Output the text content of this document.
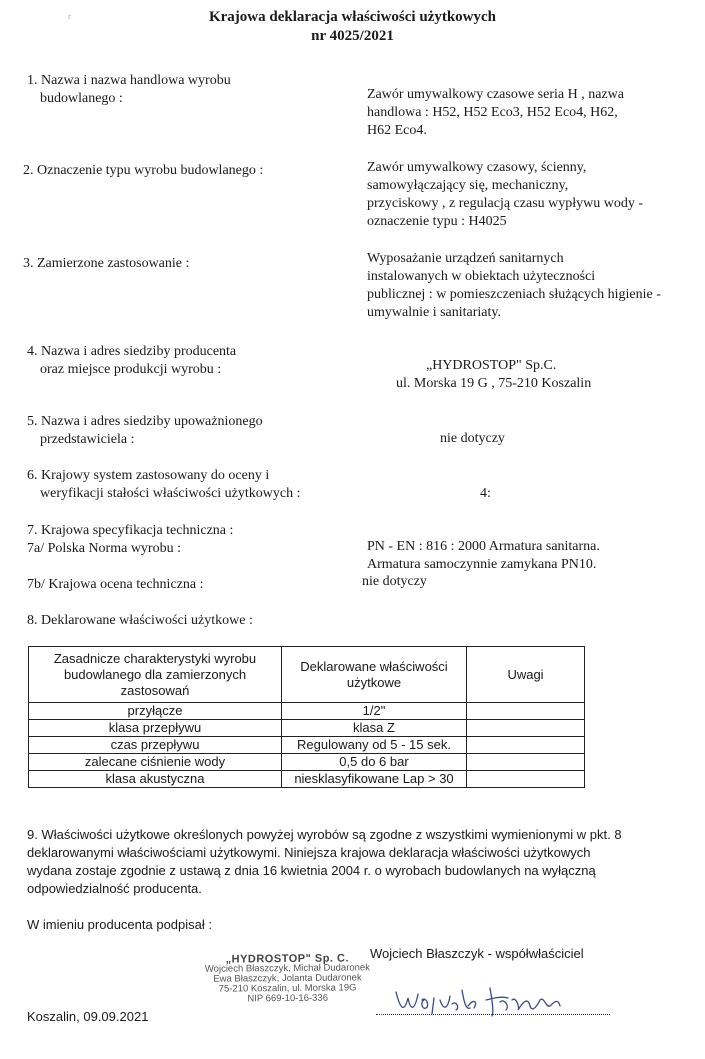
Krajowa deklaracja właściwości użytkowych
nr 4025/2021
r
1. Nazwa i nazwa handlowa wyrobu
budowlanego :	Zawór umywalkowy czasowe seria H , nazwa
handlowa : H52, H52 Eco3, H52 Eco4, H62,
H62 Eco4.
2. Oznaczenie typu wyrobu budowlanego :	Zawór umywalkowy czasowy, ścienny,
samowyłączający się, mechaniczny,
przyciskowy , z regulacją czasu wypływu wody -
oznaczenie typu : H4025
3. Zamierzone zastosowanie :	Wyposażanie urządzeń sanitarnych
instalowanych w obiektach użyteczności
publicznej : w pomieszczeniach służących higienie -
umywalnie i sanitariaty.
4. Nazwa i adres siedziby producenta
oraz miejsce produkcji wyrobu :	„HYDROSTOP" Sp.C.
ul. Morska 19 G , 75-210 Koszalin
5. Nazwa i adres siedziby upoważnionego
przedstawiciela :	nie dotyczy
6. Krajowy system zastosowany do oceny i
weryfikacji stałości właściwości użytkowych :	4:
7. Krajowa specyfikacja techniczna :
7a/ Polska Norma wyrobu :	PN - EN : 816 : 2000 Armatura sanitarna.
Armatura samoczynnie zamykana PN10.
7b/ Krajowa ocena techniczna :	nie dotyczy
8. Deklarowane właściwości użytkowe :
Zasadnicze charakterystyki wyrobu budowlanego dla zamierzonych zastosowań	Deklarowane właściwości użytkowe	Uwagi
przyłącze	1/2"	
klasa przepływu	klasa Z	
czas przepływu	Regulowany od 5 - 15 sek.	
zalecane ciśnienie wody	0,5 do 6 bar	
klasa akustyczna	niesklasyfikowane Lap > 30	
9. Właściwości użytkowe określonych powyżej wyrobów są zgodne z wszystkimi wymienionymi w pkt. 8
deklarowanymi właściwościami użytkowymi. Niniejsza krajowa deklaracja właściwości użytkowych
wydana zostaje zgodnie z ustawą z dnia 16 kwietnia 2004 r. o wyrobach budowlanych na wyłączną
odpowiedzialność producenta.
W imieniu producenta podpisał :
„HYDROSTOP" Sp. C.
Wojciech Błaszczyk, Michał Dudaronek
Ewa Błaszczyk, Jolanta Dudaronek
75-210 Koszalin, ul. Morska 19G
NIP 669-10-16-336
Wojciech Błaszczyk - współwłaściciel
Koszalin, 09.09.2021
